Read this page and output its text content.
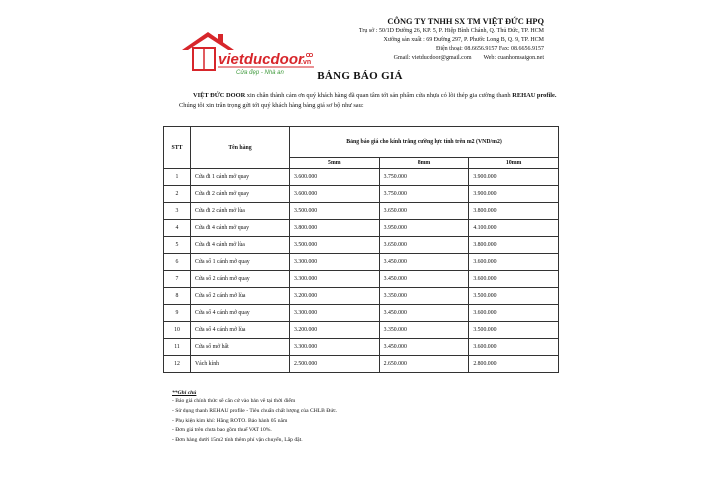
vietducdoor
.vn
Cửa đẹp - Nhà an
CÔNG TY TNHH SX TM VIỆT ĐỨC HPQ
Trụ sở : 50/1D Đường 26, KP. 5, P. Hiệp Bình Chánh, Q. Thủ Đức, TP. HCM
Xưởng sản xuất : 69 Đường 297, P. Phước Long B, Q. 9, TP. HCM
Điện thoại: 08.6656.9157 Fax: 08.6656.9157
Gmail: vietducdoor@gmail.com Web: cuanhomsaigon.net
BẢNG BÁO GIÁ
VIỆT ĐỨC DOOR xin chân thành cảm ơn quý khách hàng đã quan tâm tới sản phẩm cửa nhựa có lõi thép gia cường thanh REHAU profile. Chúng tôi xin trân trọng gửi tới quý khách hàng bảng giá sơ bộ như sau:
STT	Tên hàng	Bảng báo giá cho kính trắng cường lực tính trên m2 (VND/m2)		
		5mm	8mm	10mm
1	Cửa đi 1 cánh mở quay	3.600.000	3.750.000	3.900.000
2	Cửa đi 2 cánh mở quay	3.600.000	3.750.000	3.900.000
3	Cửa đi 2 cánh mở lùa	3.500.000	3.650.000	3.800.000
4	Cửa đi 4 cánh mở quay	3.800.000	3.950.000	4.100.000
5	Cửa đi 4 cánh mở lùa	3.500.000	3.650.000	3.800.000
6	Cửa sổ 1 cánh mở quay	3.300.000	3.450.000	3.600.000
7	Cửa sổ 2 cánh mở quay	3.300.000	3.450.000	3.600.000
8	Cửa sổ 2 cánh mở lùa	3.200.000	3.350.000	3.500.000
9	Cửa sổ 4 cánh mở quay	3.300.000	3.450.000	3.600.000
10	Cửa sổ 4 cánh mở lùa	3.200.000	3.350.000	3.500.000
11	Cửa sổ mở hất	3.300.000	3.450.000	3.600.000
12	Vách kính	2.500.000	2.650.000	2.800.000
**Ghi chú
- Báo giá chính thức sẽ căn cứ vào bản vẽ tại thời điểm
- Sử dụng thanh REHAU profile - Tiêu chuẩn chất lượng của CHLB Đức.
- Phụ kiện kim khí: Hãng ROTO. Bảo hành 05 năm
- Đơn giá trên chưa bao gồm thuế VAT 10%.
- Đơn hàng dưới 15m2 tính thêm phí vận chuyển, Lắp đặt.
